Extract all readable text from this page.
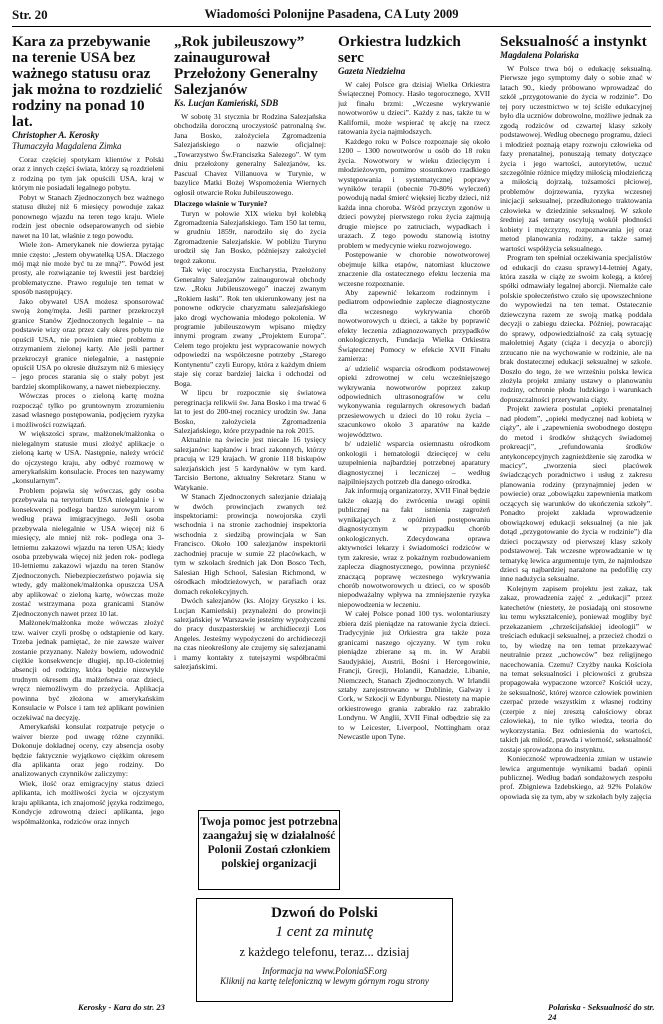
Str. 20	Wiadomości Polonijne Pasadena, CA Luty 2009
Kara za przebywanie na terenie USA bez ważnego statusu oraz jak można to rozdzielić rodziny na ponad 10 lat.
Christopher A. Kerosky
Tłumaczyła Magdalena Zimka

Coraz częściej spotykam klientów z Polski oraz z innych części świata, którzy są rozdzieleni z rodziną po tym jak opuścili USA, kraj w którym nie posiadali legalnego pobytu.

Pobyt w Stanach Zjednoczonych bez ważnego statusu dłużej niż 6 miesięcy powoduje zakaz ponownego wjazdu na teren tego kraju. Wiele rodzin jest obecnie odseparowanych od siebie nawet na 10 lat, właśnie z tego powodu.

Wiele żon- Amerykanek nie dowierza pytając mnie często: „Jestem obywatelką USA. Dlaczego mój mąż nie może być tu ze mną?”. Powód jest prosty, ale rozwiązanie tej kwestii jest bardziej problematyczne. Prawo reguluje ten temat w sposób następujący.

Jako obywatel USA możesz sponsorować swoją żonę/męża. Jeśli partner przekroczył granice Stanów Zjednoczonych legalnie – na podstawie wizy oraz przez cały okres pobytu nie opuścił USA, nie powinien mieć problemu z otrzymaniem zielonej karty. Ale jeśli partner przekroczył granice nielegalnie, a następnie opuścił USA po okresie dłuższym niż 6 miesięcy – jego proces starania się o stały pobyt jest bardziej skomplikowany, a nawet niebezpieczny.

Wówczas proces o zieloną kartę można rozpocząć tylko po gruntownym zrozumieniu zasad własnego postępowania, podjęciem ryzyka i możliwości rozwiązań.

W większości spraw, małżonek/małżonka o nielegalnym statusie musi złożyć aplikacje o zieloną kartę w USA. Następnie, należy wrócić do ojczystego kraju, aby odbyć rozmowę w amerykańskim konsulacie. Proces ten nazywamy „konsularnym”.

Problem pojawia się wówczas, gdy osoba przebywała na terytorium USA nielegalnie i w konsekwencji podlega bardzo surowym karom według prawa imigracyjnego. Jeśli osoba przebywała nielegalnie w USA więcej niż 6 miesięcy, ale mniej niż rok- podlega ona 3-letniemu zakazowi wjazdu na teren USA; kiedy osoba przebywała więcej niż jeden rok- podlega 10-letniemu zakazowi wjazdu na teren Stanów Zjednoczonych. Niebezpieczeństwo pojawia się wtedy, gdy małżonek/małżonka opuszcza USA aby aplikować o zieloną kartę, wówczas może zostać wstrzymana poza granicami Stanów Zjednoczonych nawet przez 10 lat.

Małżonek/małżonka może wówczas złożyć tzw. waiver czyli prośbę o odstąpienie od kary. Trzeba jednak pamiętać, że nie zawsze waiver zostanie przyznany. Należy bowiem, udowodnić ciężkie konsekwencje długiej, np.10-cioletniej absencji od rodziny, która będzie niezwykle trudnym okresem dla małżeństwa oraz dzieci, wręcz niemożliwym do przeżycia. Aplikacja powinna być złożona w amerykańskim Konsulacie w Polsce i tam też aplikant powinien oczekiwać na decyzję.

Amerykański konsulat rozpatruje petycje o waiver bierze pod uwagę różne czynniki. Dokonuje dokładnej oceny, czy absencja osoby będzie faktycznie wyjątkowo ciężkim okresem dla aplikanta oraz jego rodziny. Do analizowanych czynników zaliczymy:

Wiek, ilość oraz emigracyjny status dzieci aplikanta, ich możliwości życia w ojczystym kraju aplikanta, ich znajomość języka rodzimego, Kondycje zdrowotną dzieci aplikanta, jego współmałżonka, rodziców oraz innych

Kerosky - Kara do str. 23
„Rok jubileuszowy” zainaugurował Przełożony Generalny Salezjanów
Ks. Lucjan Kamieński, SDB

W sobotę 31 stycznia br Rodzina Salezjańska obchodziła doroczną uroczystość patronalną św. Jana Bosko, założyciela Zgromadzenia Salezjańskiego o nazwie oficjalnej: „Towarzystwo Św.Franciszka Salezego”. W tym dniu przełożony generalny Salezjanów, ks. Pascual Chavez Villanuova w Turynie, w bazylice Matki Bożej Wspomożenia Wiernych ogłosił otwarcie Roku Jubileuszowego.

Dlaczego właśnie w Turynie?

Turyn w połowie XIX wieku był kolebką Zgromadzenia Salezjańskiego. Tam 150 lat temu, w grudniu 1859r, narodziło się do życia Zgromadzenie Salezjańskie. W pobliżu Turynu urodził się Jan Bosko, późniejszy założyciel tegoż zakonu.

Tak więc uroczysta Eucharystia, Przełożony Generalny Salezjanów zainaugurował obchody tzw. „Roku Jubileuszowego” inaczej zwanym „Rokiem łaski”. Rok ten ukierunkowany jest na ponowne odkrycie charyzmatu salezjańskiego jako drogi wychowania młodego pokolenia. W programie jubileuszowym wpisano między innymi program zwany „Projektem Europa”. Celem tego projektu jest wypracowanie nowych odpowiedzi na współczesne potrzeby „Starego Kontynentu” czyli Europy, która z każdym dniem staje się coraz bardziej laicka i odchodzi od Boga.

W lipcu br rozpocznie się światowa peregrinacja relikwii św. Jana Bosko i ma trwać 6 lat to jest do 200-tnej rocznicy urodzin św. Jana Bosko, założyciela Zgromadzenia Salezjańskiego, które przypadnie na rok 2015.

Aktualnie na świecie jest niecałe 16 tysięcy salezjanów: kapłanów i braci zakonnych, którzy pracują w 129 krajach. W gronie 118 biskupów salezjańskich jest 5 kardynałów w tym kard. Tarcisio Bertone, aktualny Sekretarz Stanu w Watykanie.

W Stanach Zjednoczonych salezjanie działają w dwóch prowincjach zwanych też inspektoriami: prowincja nowojorska czyli wschodnia i na stronie zachodniej inspektoria wschodnia z siedzibą prowincjała w San Francisco. Około 100 salezjanów inspektorii zachodniej pracuje w sumie 22 placówkach, w tym w szkołach średnich jak Don Bosco Tech, Salesian High School, Salesian Richmond, w ośrodkach młodzieżowych, w parafiach oraz domach rekolekcyjnych.

Dwóch salezjanów (ks. Alojzy Gryszko i ks. Lucjan Kamieński) przynależni do prowincji salezjańskiej w Warszawie jesteśmy wypożyczeni do pracy duszpasterskiej w archidiecezji Los Angeles. Jesteśmy wypożyczeni do archidiecezji na czas nieokreślony ale czujemy się salezjanami i mamy kontakty z tutejszymi współbraćmi salezjańskimi.

Orkiestra ludzkich serc
Gazeta Niedzielna

W całej Polsce gra dzisiaj Wielka Orkiestra Świątecznej Pomocy. Hasło tegorocznego, XVII już finału brzmi: „Wczesne wykrywanie nowotworów u dzieci”. Każdy z nas, także tu w Kalifornii, może wspierać tę akcję na rzecz ratowania życia najmłodszych.

Każdego roku w Polsce rozpoznaje się około 1200 – 1300 nowotworów u osób do 18 roku życia. Nowotwory w wieku dziecięcym i młodzieżowym, pomimo stosunkowo rzadkiego występowania i systematycznej poprawy wyników terapii (obecnie 70-80% wyleczeń) powodują nadal śmierć więksiej liczby dzieci, niż każda inna choroba. Wśród przyczyn zgonów u dzieci powyżej pierwszego roku życia zajmują drugie miejsce po zatruciach, wypadkach i urazach. Z tego powodu stanowią istotny problem w medycynie wieku rozwojowego.

Postępowanie w chorobie nowotworowej obejmuje kilka etapów, natomiast kluczowe znaczenie dla ostatecznego efektu leczenia ma wczesne rozpoznanie.

Aby zapewnić lekarzom rodzinnym i pediatrom odpowiednie zaplecze diagnostyczne dla wczesnego wykrywania chorób nowotworowych u dzieci, a także by poprawić efekty leczenia zdiagnozowanych przypadków onkologicznych, Fundacja Wielka Orkiestra Świątecznej Pomocy w efekcie XVII Finału zamierza:

a/ udzielić wsparcia ośrodkom podstawowej opieki zdrowotnej w celu wcześniejszego wykrywania nowotworów poprzez zakup odpowiednich ultrasonografów w celu wykonywania regularnych okresowych badań przesiewowych u dzieci do 10 roku życia – szacunkowo około 3 aparatów na każde województwo.

b/ udzielić wsparcia osiemnastu ośrodkom onkologii i hematologii dziecięcej w celu uzupełnienia najbardziej potrzebnej aparatury diagnostycznej i leczniczej – według najpilniejszych potrzeb dla danego ośrodka.

Jak informują organizatorzy, XVII Finał będzie także okazją do zwrócenia uwagi opinii publicznej na fakt istnienia zagrożeń wynikających z opóźnień postępowaniu diagnostycznym w przypadku chorób onkologicznych. Zdecydowana oprawa aktywności lekarzy i świadomości rodziców w tym zakresie, wraz z pokaźnym rozbudowaniem zaplecza diagnostycznego, powinna przynieść znaczącą poprawę wczesnego wykrywania chorób nowotworowych u dzieci, co w sposób niepodważalny wpływa na zmniejszenie ryzyka niepowodzenia w leczeniu.

W całej Polsce ponad 100 tys. wolontariuszy zbiera dziś pieniądze na ratowanie życia dzieci. Tradycyjnie już Orkiestra gra także poza granicami naszego ojczyzny. W tym roku pieniądze zbierane są m. in. W Arabii Saudyjskiej, Austrii, Bośni i Hercegowinie, Francji, Grecji, Holandii, Kanadzie, Libanie, Niemczech, Stanach Zjednoczonych. W Irlandii sztaby zarejestrowano w Dublinie, Galway i Cork, w Szkocji w Edynburgu. Niestety na mapie orkiestrowego grania zabrakło raz zabrakło Londynu. W Anglii, XVII Finał odbędzie się za to w Leicester, Liverpool, Nottingham oraz Newcastle upon Tyne.

Seksualność a instynkt
Magdalena Polańska

W Polsce trwa bój o edukację seksualną. Pierwsze jego symptomy dały o sobie znać w latach 90., kiedy próbowano wprowadzać do szkół „przygotowanie do życia w rodzinie”. Do tej pory uczestnictwo w tej ściśle edukacyjnej było dla uczniów dobrowolne, możliwe jednak za zgodą rodziców od czwartej klasy szkoły podstawowej. Według obecnego programu, dzieci i młodzież poznają etapy rozwoju człowieka od fazy prenatalnej, ponuszają tematy dotyczące życia i jego wartości, autorytetów, uczuć szczególnie różnice między miłością młodzieńczą a miłością dojrzałą, tożsamości płciowej, problemów dojrzewania, ryzyka wczesnej inicjacji seksualnej, przedłużonego traktowania człowieka w dziedzinie seksualnej. W szkole średniej zaś tematy oscylują wokół płodności kobiety i mężczyzny, rozpoznawania jej oraz metod planowania rodziny, a także samej wartości współżycia seksualnego.

Program ten spełniał oczekiwania specjalistów od edukacji do czasu sprawy14-letniej Agaty, która zaszła w ciążę ze swoim kolegą, a której spółki odmawiały legalnej aborcji. Niemalże całe polskie społeczeństwo czuło się upowszechnione do wypowiedzi na ten temat. Ostatecznie dziewczyna razem ze swoją matką poddała decyzji o zabiegu dziecka. Później, powracając do sprawy, odpowiedzialność za całą sytuację małoletniej Agaty (ciąża i decyzja o aborcji) zrzucano nie na wychowanie w rodzinie, ale na brak dostatecznej edukacji seksualnej w szkole. Doszło do tego, że we wrześniu polska lewica złożyła projekt zmiany ustawy o planowaniu rodziny, ochronie płodu ludzkiego i warunkach dopuszczalności przerywania ciąży.

Projekt zawiera postulat „opieki prenatalnej nad płodem”, „opieki medycznej nad kobietą w ciąży”, ale i „zapewnienia swobodnego dostępu do metod i środków służących świadomej prokreacji”, „refundowania środków antykoncepcyjnych zagnieżdżenie się zarodka w macicy”, „tworzenia sieci placówek świadczących poradnictwo i usług z zakresu planowania rodziny (przynajmniej jeden w powiecie) oraz „obowiązku zapewnienia matkom oczących się warunków do ukończenia szkoły”. Ponadto projekt zakłada wprowadzenie obowiązkowej edukacji seksualnej (a nie jak dotąd „przygotowanie do życia w rodzinie”) dla dzieci począwszy od pierwszej klasy szkoły podstawowej. Tak wczesne wprowadzanie w tę tematykę lewica argumentuje tym, że najmłodsze dzieci są najbardziej narażone na pedofilię czy inne nadużycia seksualne.

Kolejnym zapisem projektu jest zakaz, tak zakaz, prowadzenia zajęć z „edukacji” przez katechetów (niestety, że posiadają oni stosowne ku temu wykształcenie), ponieważ mogliby być przekazaniem „chrześcijańskiej ideologii” w treściach edukacji seksualnej, a przecież chodzi o to, by wiedzę na ten temat przekazywać neutralnie przez „uchowców” bez religijnego nacechowania. Czemu? Czyżby nauka Kościoła na temat seksualności i płciowości z grubsza propagowała wypaczone wzorce? Kościół uczy, że seksualność, której wzorce człowiek powinien czerpać przede wszystkim z własnej rodziny (czerpie z niej zresztą całościowy obraz człowieka), to nie tylko wiedza, teoria do wykorzystania. Bez odniesienia do wartości, takich jak miłość, prawda i wierność, seksualność zostaje sprowadzona do instynktu.

Konieczność wprowadzenia zmian w ustawie lewica argumentuje wynikami badań opinii publicznej. Według badań sondażowych zespołu prof. Zbigniewa Izdebskiego, aż 92% Polaków opowiada się za tym, aby w szkołach były zajęcia

Polańska - Seksualność do str. 24
Twoja pomoc jest potrzebna zaangażuj się w działalność Polonii Zostań członkiem polskiej organizacji
Dzwoń do Polski
1 cent za minutę
z każdego telefonu, teraz... dzisiaj
Informacja na www.PoloniaSF.org
Kliknij na kartę telefoniczną w lewym górnym rogu strony
